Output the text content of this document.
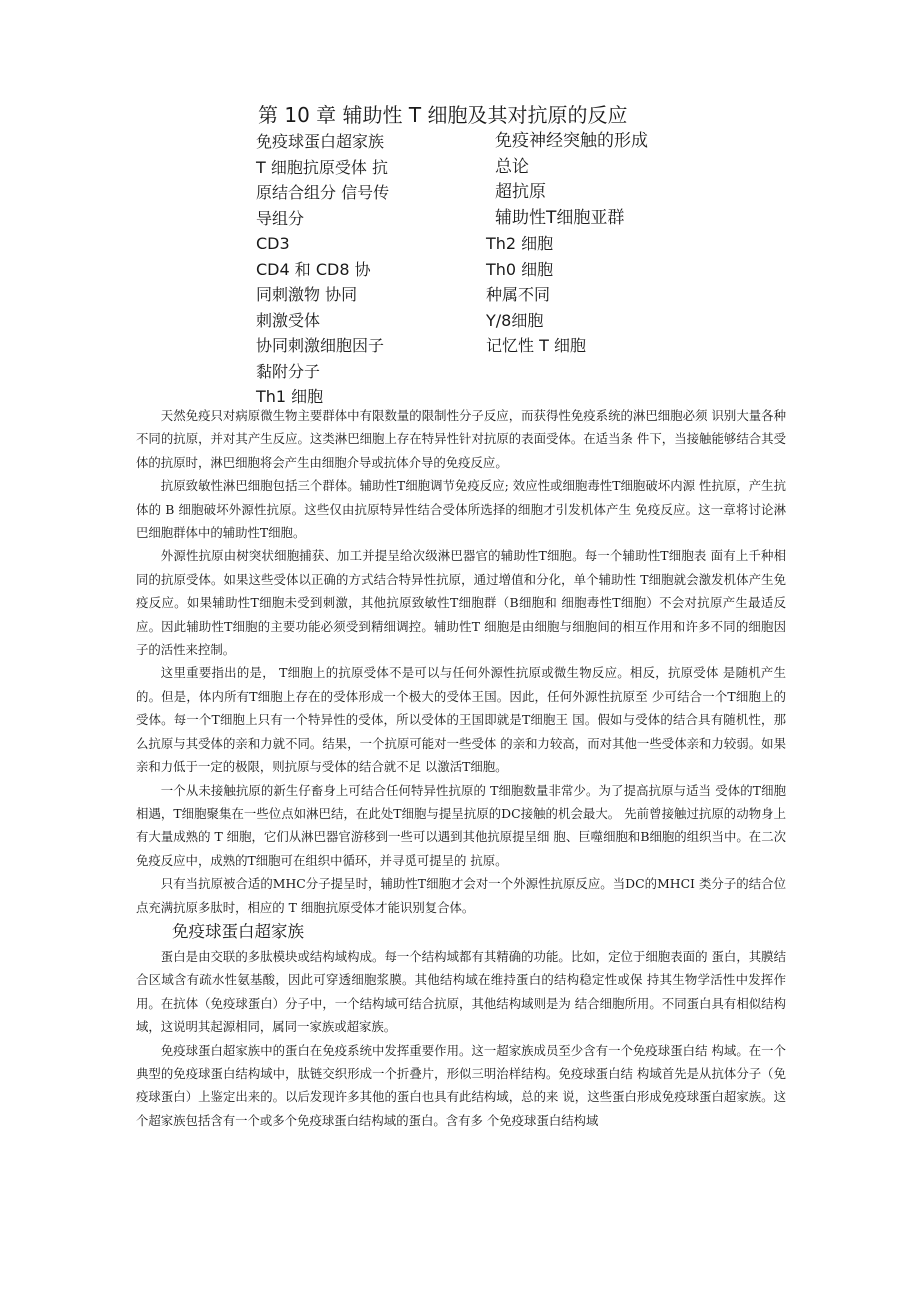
第 10 章 辅助性 T 细胞及其对抗原的反应
免疫球蛋白超家族
T 细胞抗原受体 抗
原结合组分 信号传
导组分
CD3
CD4 和 CD8 协
同刺激物 协同
刺激受体
协同刺激细胞因子
黏附分子
Th1 细胞
免疫神经突触的形成
总论
超抗原
辅助性T细胞亚群
Th2 细胞
Th0 细胞
种属不同
Y/8细胞
记忆性 T 细胞

天然免疫只对病原微生物主要群体中有限数量的限制性分子反应，而获得性免疫系统的淋巴细胞必须 识别大量各种不同的抗原，并对其产生反应。这类淋巴细胞上存在特异性针对抗原的表面受体。在适当条 件下，当接触能够结合其受体的抗原时，淋巴细胞将会产生由细胞介导或抗体介导的免疫反应。

抗原致敏性淋巴细胞包括三个群体。辅助性T细胞调节免疫反应; 效应性或细胞毒性T细胞破坏内源 性抗原，产生抗体的 B 细胞破坏外源性抗原。这些仅由抗原特异性结合受体所选择的细胞才引发机体产生 免疫反应。这一章将讨论淋巴细胞群体中的辅助性T细胞。

外源性抗原由树突状细胞捕获、加工并提呈给次级淋巴器官的辅助性T细胞。每一个辅助性T细胞表 面有上千种相同的抗原受体。如果这些受体以正确的方式结合特异性抗原，通过增值和分化，单个辅助性 T细胞就会激发机体产生免疫反应。如果辅助性T细胞未受到刺激，其他抗原致敏性T细胞群（B细胞和 细胞毒性T细胞）不会对抗原产生最适反应。因此辅助性T细胞的主要功能必须受到精细调控。辅助性T 细胞是由细胞与细胞间的相互作用和许多不同的细胞因子的活性来控制。

这里重要指出的是， T细胞上的抗原受体不是可以与任何外源性抗原或微生物反应。相反，抗原受体 是随机产生的。但是，体内所有T细胞上存在的受体形成一个极大的受体王国。因此，任何外源性抗原至 少可结合一个T细胞上的受体。每一个T细胞上只有一个特异性的受体，所以受体的王国即就是T细胞王 国。假如与受体的结合具有随机性，那么抗原与其受体的亲和力就不同。结果，一个抗原可能对一些受体 的亲和力较高，而对其他一些受体亲和力较弱。如果亲和力低于一定的极限，则抗原与受体的结合就不足 以激活T细胞。

一个从未接触抗原的新生仔畜身上可结合任何特异性抗原的 T细胞数量非常少。为了提高抗原与适当 受体的T细胞相遇，T细胞聚集在一些位点如淋巴结，在此处T细胞与提呈抗原的DC接触的机会最大。 先前曾接触过抗原的动物身上有大量成熟的 T 细胞，它们从淋巴器官游移到一些可以遇到其他抗原提呈细 胞、巨噬细胞和B细胞的组织当中。在二次免疫反应中，成熟的T细胞可在组织中循环，并寻觅可提呈的 抗原。

只有当抗原被合适的MHC分子提呈时，辅助性T细胞才会对一个外源性抗原反应。当DC的MHCI 类分子的结合位点充满抗原多肽时，相应的 T 细胞抗原受体才能识别复合体。

免疫球蛋白超家族

蛋白是由交联的多肽模块或结构域构成。每一个结构域都有其精确的功能。比如，定位于细胞表面的 蛋白，其膜结合区域含有疏水性氨基酸，因此可穿透细胞浆膜。其他结构域在维持蛋白的结构稳定性或保 持其生物学活性中发挥作用。在抗体（免疫球蛋白）分子中，一个结构域可结合抗原，其他结构域则是为 结合细胞所用。不同蛋白具有相似结构域，这说明其起源相同，属同一家族或超家族。

免疫球蛋白超家族中的蛋白在免疫系统中发挥重要作用。这一超家族成员至少含有一个免疫球蛋白结 构域。在一个典型的免疫球蛋白结构域中，肽链交织形成一个折叠片，形似三明治样结构。免疫球蛋白结 构域首先是从抗体分子（免疫球蛋白）上鉴定出来的。以后发现许多其他的蛋白也具有此结构域，总的来 说，这些蛋白形成免疫球蛋白超家族。这个超家族包括含有一个或多个免疫球蛋白结构域的蛋白。含有多 个免疫球蛋白结构域
